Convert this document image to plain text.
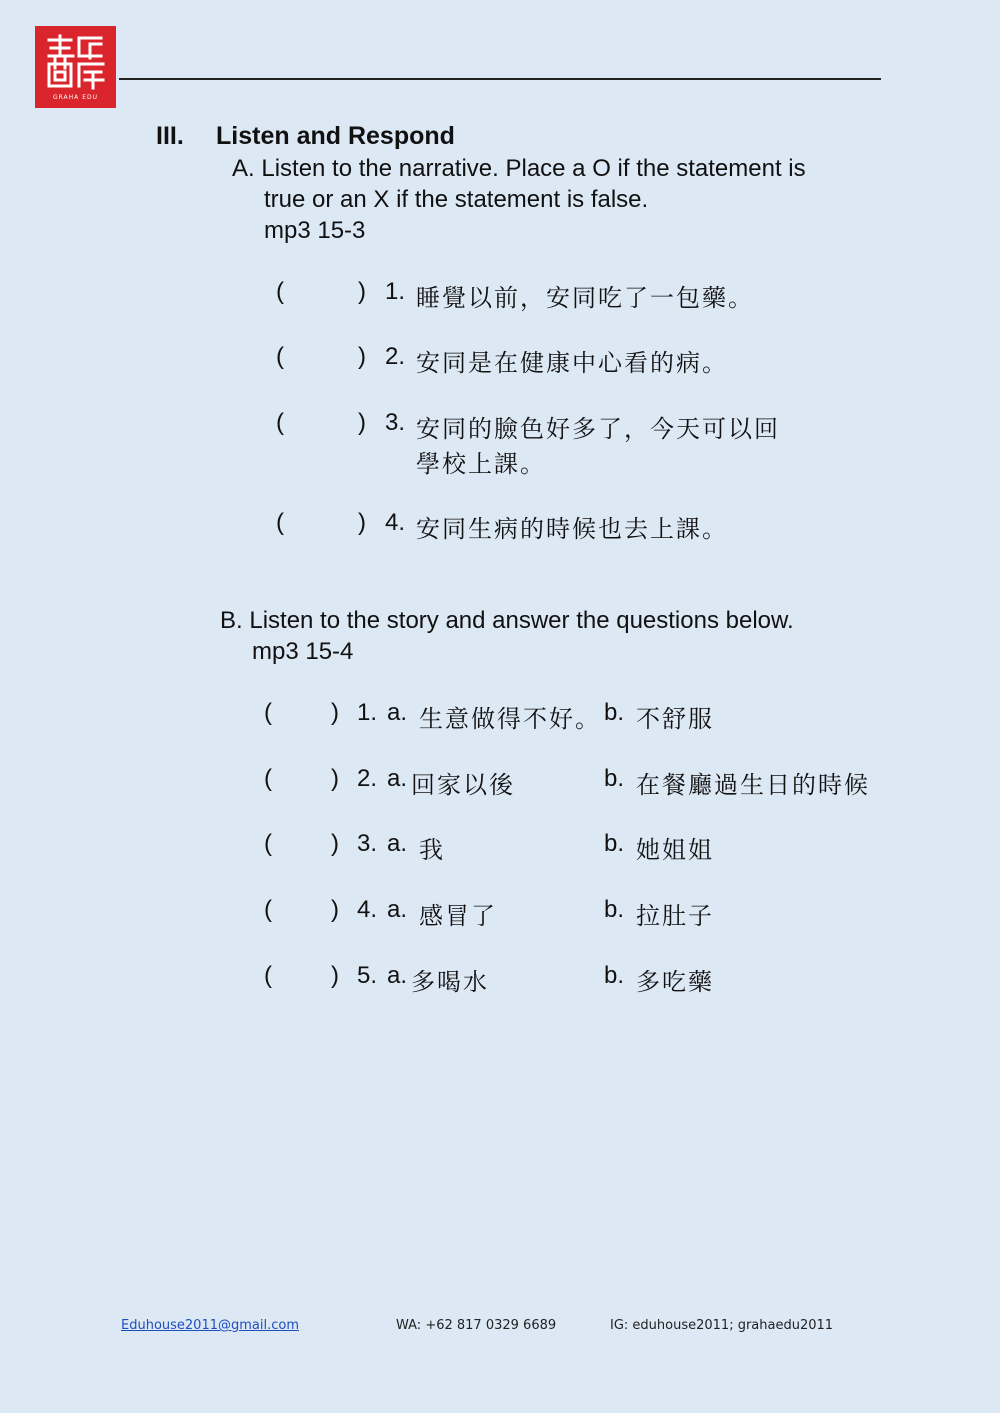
GRAHA EDU
III. Listen and Respond
A. Listen to the narrative. Place a O if the statement is
true or an X if the statement is false.
mp3 15-3
(	) 1. 睡覺以前，安同吃了一包藥。
(	) 2. 安同是在健康中心看的病。
(	) 3. 安同的臉色好多了，今天可以回
學校上課。
(	) 4. 安同生病的時候也去上課。
B. Listen to the story and answer the questions below.
mp3 15-4
( ) 1. a. 生意做得不好。 b. 不舒服
( ) 2. a. 回家以後	b. 在餐廳過生日的時候
( ) 3. a. 我	b. 她姐姐
( ) 4. a. 感冒了	b. 拉肚子
( ) 5. a. 多喝水	b. 多吃藥
Eduhouse2011@gmail.com	WA: +62 817 0329 6689	IG: eduhouse2011; grahaedu2011
